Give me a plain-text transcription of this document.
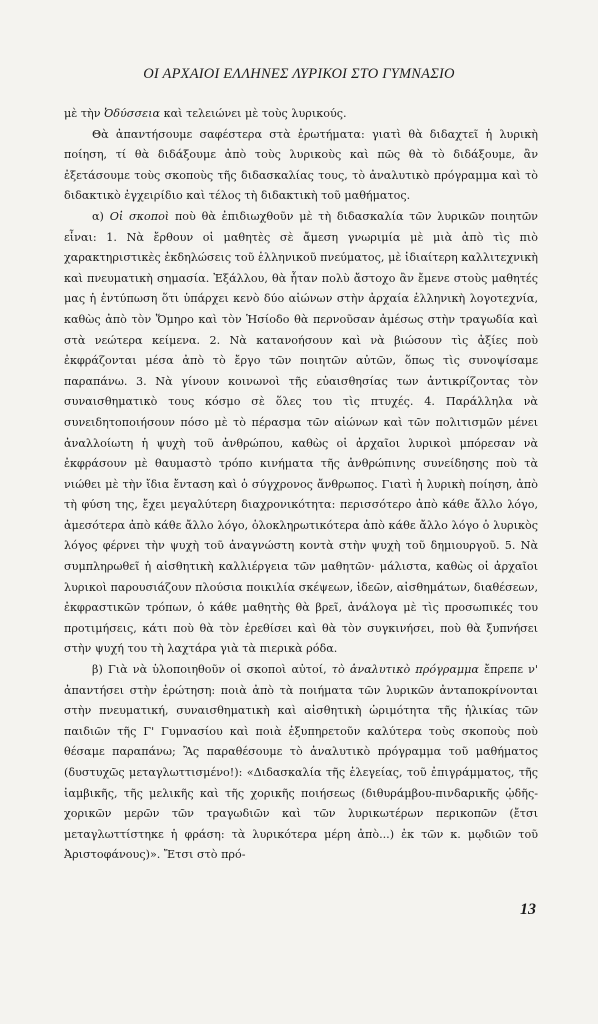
ΟΙ ΑΡΧΑΙΟΙ ΕΛΛΗΝΕΣ ΛΥΡΙΚΟΙ ΣΤΟ ΓΥΜΝΑΣΙΟ

μὲ τὴν Ὀδύσσεια καὶ τελειώνει μὲ τοὺς λυρικούς.

Θὰ ἀπαντήσουμε σαφέστερα στὰ ἐρωτήματα: γιατὶ θὰ διδαχτεῖ ἡ λυρικὴ ποίηση, τί θὰ διδάξουμε ἀπὸ τοὺς λυρικοὺς καὶ πῶς θὰ τὸ διδάξουμε, ἂν ἐξετάσουμε τοὺς σκοποὺς τῆς διδασκαλίας τους, τὸ ἀναλυτικὸ πρόγραμμα καὶ τὸ διδακτικὸ ἐγχειρίδιο καὶ τέλος τὴ διδακτικὴ τοῦ μαθήματος.

α) Οἱ σκοποὶ ποὺ θὰ ἐπιδιωχθοῦν μὲ τὴ διδασκαλία τῶν λυρικῶν ποιητῶν εἶναι: 1. Νὰ ἔρθουν οἱ μαθητὲς σὲ ἄμεση γνωριμία μὲ μιὰ ἀπὸ τὶς πιὸ χαρακτηριστικὲς ἐκδηλώσεις τοῦ ἑλληνικοῦ πνεύματος, μὲ ἰδιαίτερη καλλιτεχνικὴ καὶ πνευματικὴ σημασία. Ἐξάλλου, θὰ ἦταν πολὺ ἄστοχο ἂν ἔμενε στοὺς μαθητές μας ἡ ἐντύπωση ὅτι ὑπάρχει κενὸ δύο αἰώνων στὴν ἀρχαία ἑλληνικὴ λογοτεχνία, καθὼς ἀπὸ τὸν Ὅμηρο καὶ τὸν Ἡσίοδο θὰ περνοῦσαν ἀμέσως στὴν τραγωδία καὶ στὰ νεώτερα κείμενα. 2. Νὰ κατανοήσουν καὶ νὰ βιώσουν τὶς ἀξίες ποὺ ἐκφράζονται μέσα ἀπὸ τὸ ἔργο τῶν ποιητῶν αὐτῶν, ὅπως τὶς συνοψίσαμε παραπάνω. 3. Νὰ γίνουν κοινωνοὶ τῆς εὐαισθησίας των ἀντικρίζοντας τὸν συναισθηματικὸ τους κόσμο σὲ ὅλες του τὶς πτυχές. 4. Παράλληλα νὰ συνειδητοποιήσουν πόσο μὲ τὸ πέρασμα τῶν αἰώνων καὶ τῶν πολιτισμῶν μένει ἀναλλοίωτη ἡ ψυχὴ τοῦ ἀνθρώπου, καθὼς οἱ ἀρχαῖοι λυρικοὶ μπόρεσαν νὰ ἐκφράσουν μὲ θαυμαστὸ τρόπο κινήματα τῆς ἀνθρώπινης συνείδησης ποὺ τὰ νιώθει μὲ τὴν ἴδια ἔνταση καὶ ὁ σύγχρονος ἄνθρωπος. Γιατὶ ἡ λυρικὴ ποίηση, ἀπὸ τὴ φύση της, ἔχει μεγαλύτερη διαχρονικότητα: περισσότερο ἀπὸ κάθε ἄλλο λόγο, ἀμεσότερα ἀπὸ κάθε ἄλλο λόγο, ὁλοκληρωτικότερα ἀπὸ κάθε ἄλλο λόγο ὁ λυρικὸς λόγος φέρνει τὴν ψυχὴ τοῦ ἀναγνώστη κοντὰ στὴν ψυχὴ τοῦ δημιουργοῦ. 5. Νὰ συμπληρωθεῖ ἡ αἰσθητικὴ καλλιέργεια τῶν μαθητῶν· μάλιστα, καθὼς οἱ ἀρχαῖοι λυρικοὶ παρουσιάζουν πλούσια ποικιλία σκέψεων, ἰδεῶν, αἰσθημάτων, διαθέσεων, ἐκφραστικῶν τρόπων, ὁ κάθε μαθητὴς θὰ βρεῖ, ἀνάλογα μὲ τὶς προσωπικές του προτιμήσεις, κάτι ποὺ θὰ τὸν ἐρεθίσει καὶ θὰ τὸν συγκινήσει, ποὺ θὰ ξυπνήσει στὴν ψυχή του τὴ λαχτάρα γιὰ τὰ πιερικὰ ρόδα.

β) Γιὰ νὰ ὑλοποιηθοῦν οἱ σκοποὶ αὐτοί, τὸ ἀναλυτικὸ πρόγραμμα ἔπρεπε ν' ἀπαντήσει στὴν ἐρώτηση: ποιὰ ἀπὸ τὰ ποιήματα τῶν λυρικῶν ἀνταποκρίνονται στὴν πνευματική, συναισθηματικὴ καὶ αἰσθητικὴ ὡριμότητα τῆς ἡλικίας τῶν παιδιῶν τῆς Γ' Γυμνασίου καὶ ποιὰ ἐξυπηρετοῦν καλύτερα τοὺς σκοποὺς ποὺ θέσαμε παραπάνω; Ἂς παραθέσουμε τὸ ἀναλυτικὸ πρόγραμμα τοῦ μαθήματος (δυστυχῶς μεταγλωττισμένο!): «Διδασκαλία τῆς ἐλεγείας, τοῦ ἐπιγράμματος, τῆς ἰαμβικῆς, τῆς μελικῆς καὶ τῆς χορικῆς ποιήσεως (διθυράμβου-πινδαρικῆς ᾠδῆς-χορικῶν μερῶν τῶν τραγωδιῶν καὶ τῶν λυρικωτέρων περικοπῶν (ἔτσι μεταγλωττίστηκε ἡ φράση: τὰ λυρικότερα μέρη ἀπὸ...) ἐκ τῶν κ. μῳδιῶν τοῦ Ἀριστοφάνους)». Ἔτσι στὸ πρό-

13
